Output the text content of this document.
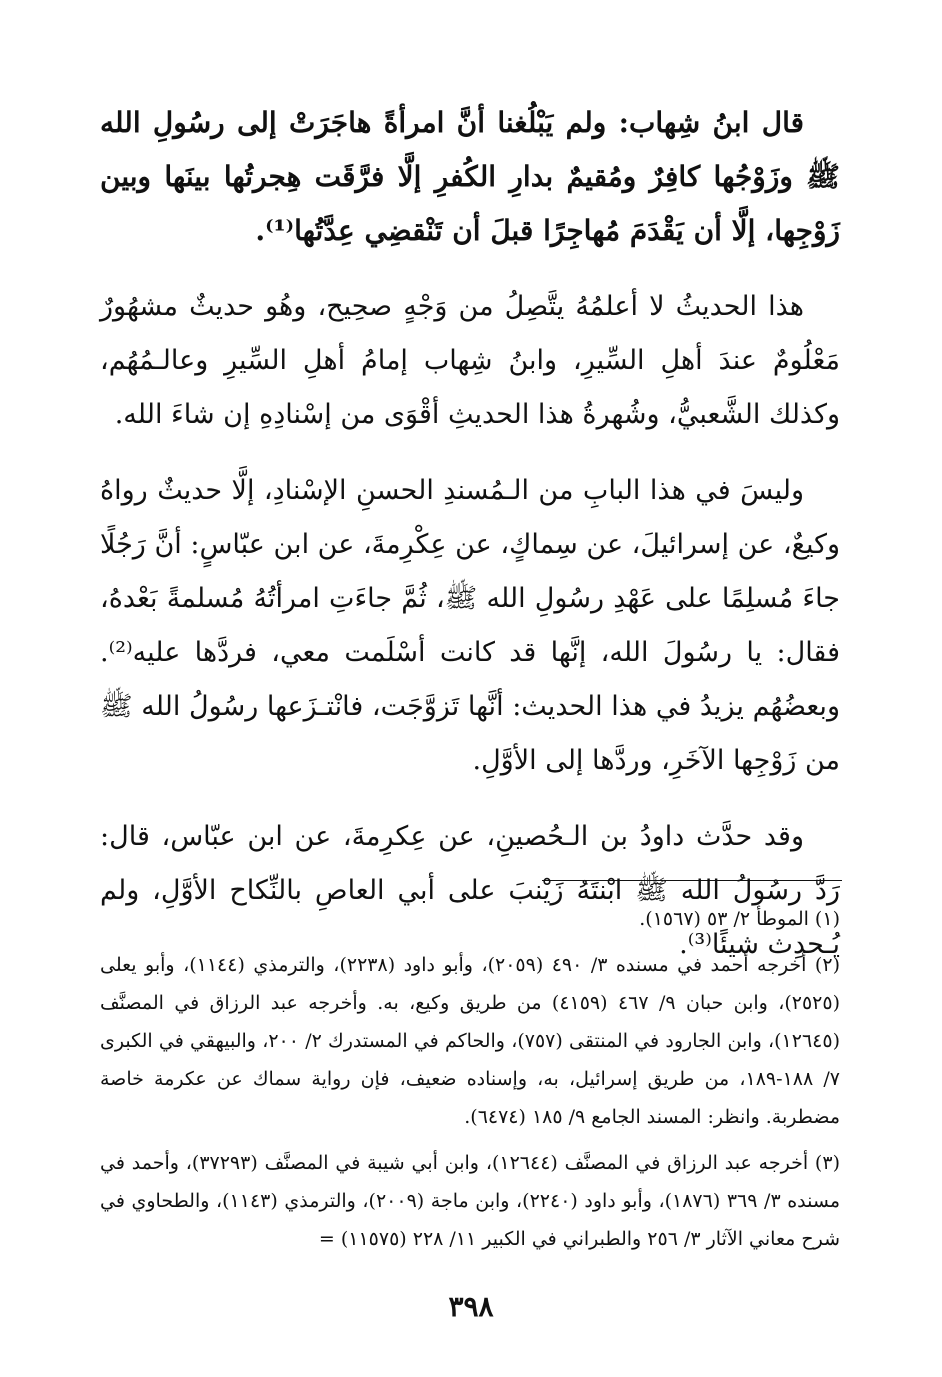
قال ابنُ شِهاب: ولم يَبْلُغنا أنَّ امرأةً هاجَرَتْ إلى رسُولِ الله ﷺ وزَوْجُها كافِرٌ ومُقيمٌ بدارِ الكُفرِ إلَّا فرَّقَت هِجرتُها بينَها وبين زَوْجِها، إلَّا أن يَقْدَمَ مُهاجِرًا قبلَ أن تَنْقضِي عِدَّتُها⁽¹⁾.

هذا الحديثُ لا أعلمُهُ يتَّصِلُ من وَجْهٍ صحِيح، وهُو حديثٌ مشهُورٌ مَعْلُومٌ عندَ أهلِ السِّيرِ، وابنُ شِهاب إمامُ أهلِ السِّيرِ وعالـمُهُم، وكذلك الشَّعبيُّ، وشُهرةُ هذا الحديثِ أقْوَى من إسْنادِهِ إن شاءَ الله.

وليسَ في هذا البابِ من الـمُسندِ الحسنِ الإسْنادِ، إلَّا حديثٌ رواهُ وكيعٌ، عن إسرائيلَ، عن سِماكٍ، عن عِكْرِمةَ، عن ابن عبّاسٍ: أنَّ رَجُلًا جاءَ مُسلِمًا على عَهْدِ رسُولِ الله ﷺ، ثُمَّ جاءَتِ امرأتُهُ مُسلمةً بَعْدهُ، فقال: يا رسُولَ الله، إنَّها قد كانت أسْلَمت معي، فردَّها عليه⁽²⁾. وبعضُهُم يزيدُ في هذا الحديث: أنَّها تَزوَّجَت، فانْتـزَعها رسُولُ الله ﷺ من زَوْجِها الآخَرِ، وردَّها إلى الأوَّلِ.

وقد حدَّث داودُ بن الـحُصينِ، عن عِكرِمةَ، عن ابن عبّاس، قال: رَدَّ رسُولُ الله ﷺ ابْنتَهُ زَيْنبَ على أبي العاصِ بالنِّكاح الأوَّلِ، ولم يُـحدِث شيئًا⁽³⁾.

(١) الموطأ ٢/ ٥٣ (١٥٦٧).

(٢) أخرجه أحمد في مسنده ٣/ ٤٩٠ (٢٠٥٩)، وأبو داود (٢٢٣٨)، والترمذي (١١٤٤)، وأبو يعلى (٢٥٢٥)، وابن حبان ٩/ ٤٦٧ (٤١٥٩) من طريق وكيع، به. وأخرجه عبد الرزاق في المصنَّف (١٢٦٤٥)، وابن الجارود في المنتقى (٧٥٧)، والحاكم في المستدرك ٢/ ٢٠٠، والبيهقي في الكبرى ٧/ ١٨٨-١٨٩، من طريق إسرائيل، به، وإسناده ضعيف، فإن رواية سماك عن عكرمة خاصة مضطربة. وانظر: المسند الجامع ٩/ ١٨٥ (٦٤٧٤).

(٣) أخرجه عبد الرزاق في المصنَّف (١٢٦٤٤)، وابن أبي شيبة في المصنَّف (٣٧٢٩٣)، وأحمد في مسنده ٣/ ٣٦٩ (١٨٧٦)، وأبو داود (٢٢٤٠)، وابن ماجة (٢٠٠٩)، والترمذي (١١٤٣)، والطحاوي في شرح معاني الآثار ٣/ ٢٥٦ والطبراني في الكبير ١١/ ٢٢٨ (١١٥٧٥) =

٣٩٨
